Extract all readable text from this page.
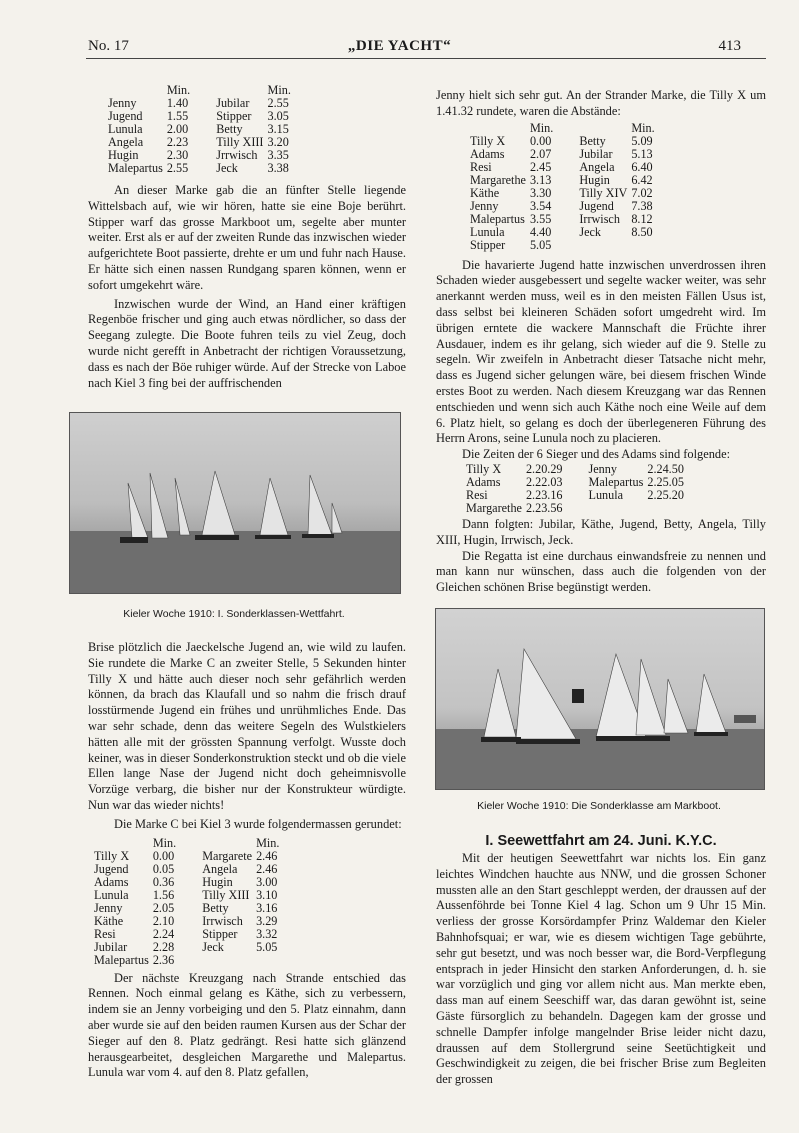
No. 17	„DIE YACHT“	413
	Min.		Min.
Jenny	1.40	Jubilar	2.55
Jugend	1.55	Stipper	3.05
Lunula	2.00	Betty	3.15
Angela	2.23	Tilly XIII	3.20
Hugin	2.30	Jrrwisch	3.35
Malepartus	2.55	Jeck	3.38

An dieser Marke gab die an fünfter Stelle liegende Wittelsbach auf, wie wir hören, hatte sie eine Boje berührt. Stipper warf das grosse Markboot um, segelte aber munter weiter. Erst als er auf der zweiten Runde das inzwischen wieder aufgerichtete Boot passierte, drehte er um und fuhr nach Hause. Er hätte sich einen nassen Rundgang sparen können, wenn er sofort umgekehrt wäre.

Inzwischen wurde der Wind, an Hand einer kräftigen Regenböe frischer und ging auch etwas nördlicher, so dass der Seegang zulegte. Die Boote fuhren teils zu viel Zeug, doch wurde nicht gerefft in Anbetracht der richtigen Voraussetzung, dass es nach der Böe ruhiger würde. Auf der Strecke von Laboe nach Kiel 3 fing bei der auffrischenden

Kieler Woche 1910: I. Sonderklassen-Wettfahrt.

Brise plötzlich die Jaeckelsche Jugend an, wie wild zu laufen. Sie rundete die Marke C an zweiter Stelle, 5 Sekunden hinter Tilly X und hätte auch dieser noch sehr gefährlich werden können, da brach das Klaufall und so nahm die frisch drauf losstürmende Jugend ein frühes und unrühmliches Ende. Das war sehr schade, denn das weitere Segeln des Wulstkielers hätten alle mit der grössten Spannung verfolgt. Wusste doch keiner, was in dieser Sonderkonstruktion steckt und ob die viele Ellen lange Nase der Jugend nicht doch geheimnisvolle Vorzüge verbarg, die bisher nur der Konstrukteur würdigte. Nun war das wieder nichts!

Die Marke C bei Kiel 3 wurde folgendermassen gerundet:

	Min.		Min.
Tilly X	0.00	Margarete	2.46
Jugend	0.05	Angela	2.46
Adams	0.36	Hugin	3.00
Lunula	1.56	Tilly XIII	3.10
Jenny	2.05	Betty	3.16
Käthe	2.10	Irrwisch	3.29
Resi	2.24	Stipper	3.32
Jubilar	2.28	Jeck	5.05
Malepartus	2.36		

Der nächste Kreuzgang nach Strande entschied das Rennen. Noch einmal gelang es Käthe, sich zu verbessern, indem sie an Jenny vorbeiging und den 5. Platz einnahm, dann aber wurde sie auf den beiden raumen Kursen aus der Schar der Sieger auf den 8. Platz gedrängt. Resi hatte sich glänzend herausgearbeitet, desgleichen Margarethe und Malepartus. Lunula war vom 4. auf den 8. Platz gefallen,

Jenny hielt sich sehr gut. An der Strander Marke, die Tilly X um 1.41.32 rundete, waren die Abstände:

	Min.		Min.
Tilly X	0.00	Betty	5.09
Adams	2.07	Jubilar	5.13
Resi	2.45	Angela	6.40
Margarethe	3.13	Hugin	6.42
Käthe	3.30	Tilly XIV	7.02
Jenny	3.54	Jugend	7.38
Malepartus	3.55	Irrwisch	8.12
Lunula	4.40	Jeck	8.50
Stipper	5.05		

Die havarierte Jugend hatte inzwischen unverdrossen ihren Schaden wieder ausgebessert und segelte wacker weiter, was sehr anerkannt werden muss, weil es in den meisten Fällen Usus ist, dass selbst bei kleineren Schäden sofort umgedreht wird. Im übrigen erntete die wackere Mannschaft die Früchte ihrer Ausdauer, indem es ihr gelang, sich wieder auf die 9. Stelle zu segeln. Wir zweifeln in Anbetracht dieser Tatsache nicht mehr, dass es Jugend sicher gelungen wäre, bei diesem frischen Winde erstes Boot zu werden. Nach diesem Kreuzgang war das Rennen entschieden und wenn sich auch Käthe noch eine Weile auf dem 6. Platz hielt, so gelang es doch der überlegeneren Führung des Herrn Arons, seine Lunula noch zu placieren.

Die Zeiten der 6 Sieger und des Adams sind folgende:

Tilly X	2.20.29	Jenny	2.24.50
Adams	2.22.03	Malepartus	2.25.05
Resi	2.23.16	Lunula	2.25.20
Margarethe	2.23.56		

Dann folgten: Jubilar, Käthe, Jugend, Betty, Angela, Tilly XIII, Hugin, Irrwisch, Jeck.

Die Regatta ist eine durchaus einwandsfreie zu nennen und man kann nur wünschen, dass auch die folgenden von der Gleichen schönen Brise begünstigt werden.

Kieler Woche 1910: Die Sonderklasse am Markboot.
I. Seewettfahrt am 24. Juni. K.Y.C.

Mit der heutigen Seewettfahrt war nichts los. Ein ganz leichtes Windchen hauchte aus NNW, und die grossen Schoner mussten alle an den Start geschleppt werden, der draussen auf der Aussenföhrde bei Tonne Kiel 4 lag. Schon um 9 Uhr 15 Min. verliess der grosse Korsördampfer Prinz Waldemar den Kieler Bahnhofsquai; er war, wie es diesem wichtigen Tage gebührte, sehr gut besetzt, und was noch besser war, die Bord-Verpflegung entsprach in jeder Hinsicht den starken Anforderungen, d. h. sie war vorzüglich und ging vor allem nicht aus. Man merkte eben, dass man auf einem Seeschiff war, das daran gewöhnt ist, seine Gäste fürsorglich zu behandeln. Dagegen kam der grosse und schnelle Dampfer infolge mangelnder Brise leider nicht dazu, draussen auf dem Stollergrund seine Seetüchtigkeit und Geschwindigkeit zu zeigen, die bei frischer Brise zum Begleiten der grossen
